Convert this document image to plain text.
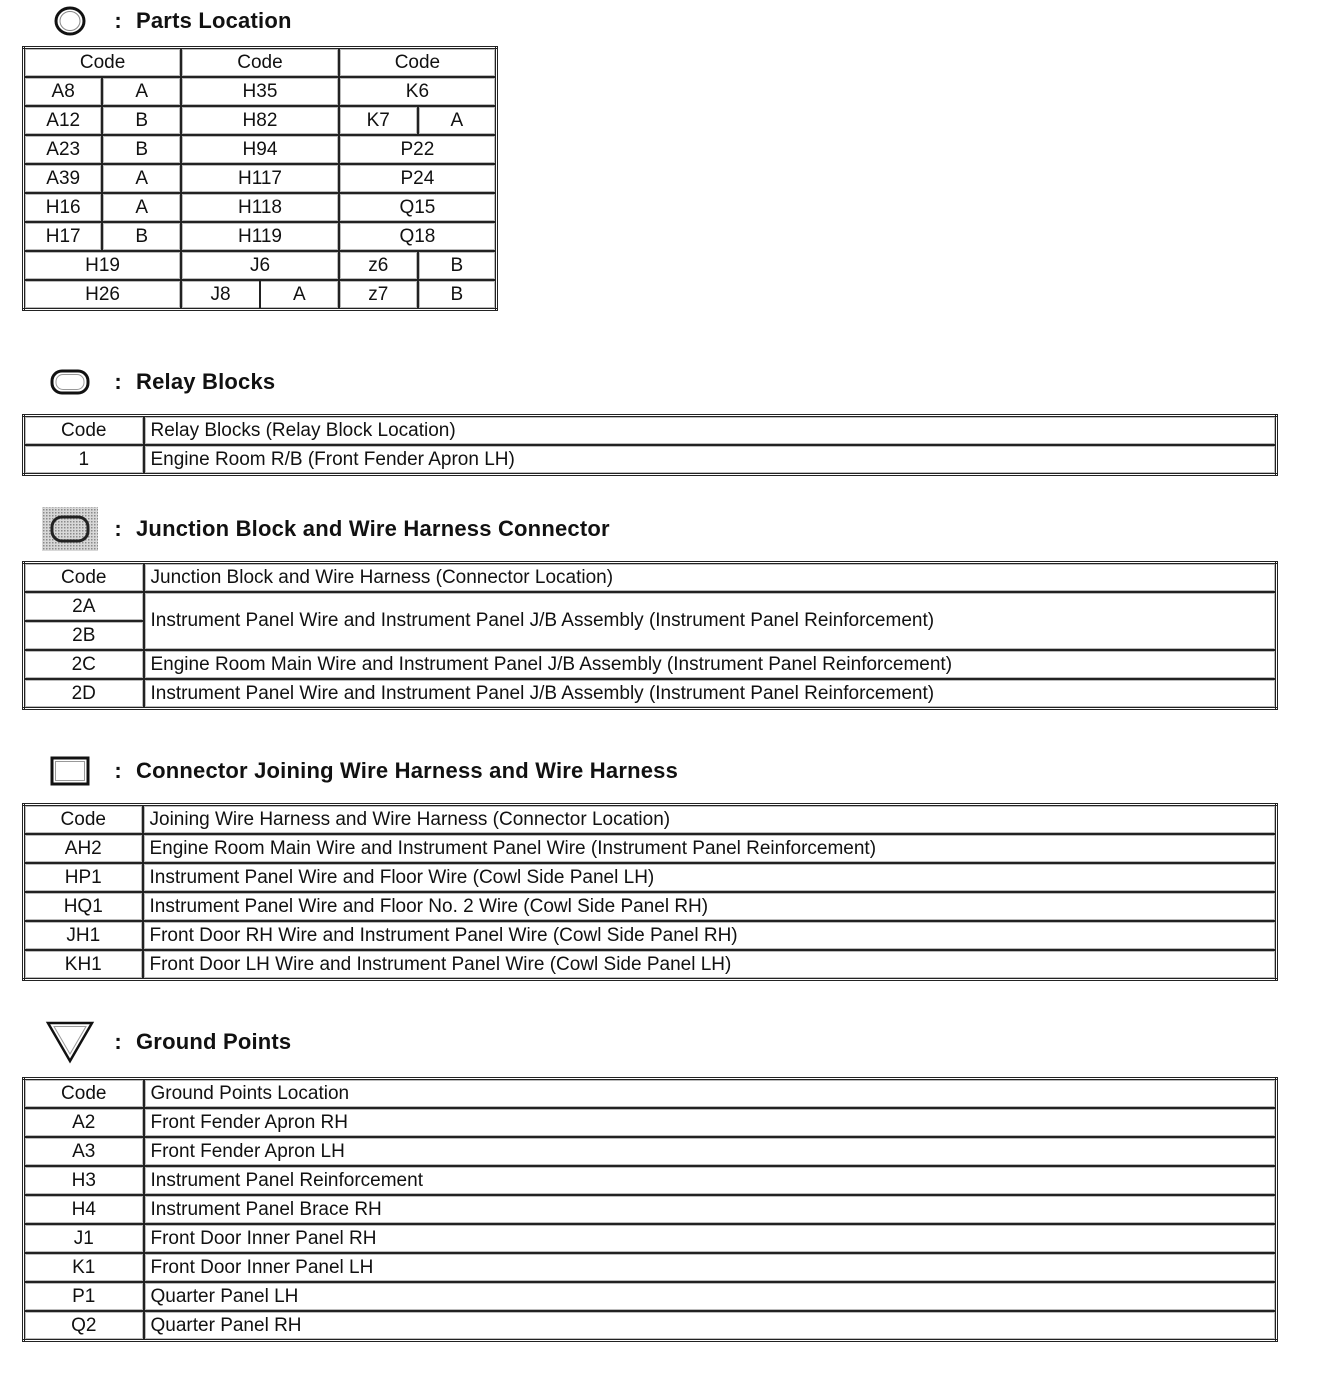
: Parts Location
Code		Code	Code	
A8	A	H35	K6	
A12	B	H82	K7	A
A23	B	H94	P22	
A39	A	H117	P24	
H16	A	H118	Q15	
H17	B	H119	Q18	
H19		J6	z6	B
H26		J8 A	z7	B
: Relay Blocks
Code	Relay Blocks (Relay Block Location)
1	Engine Room R/B (Front Fender Apron LH)
: Junction Block and Wire Harness Connector
Code	Junction Block and Wire Harness (Connector Location)
2A	Instrument Panel Wire and Instrument Panel J/B Assembly (Instrument Panel Reinforcement)
2B	
2C	Engine Room Main Wire and Instrument Panel J/B Assembly (Instrument Panel Reinforcement)
2D	Instrument Panel Wire and Instrument Panel J/B Assembly (Instrument Panel Reinforcement)
: Connector Joining Wire Harness and Wire Harness
Code	Joining Wire Harness and Wire Harness (Connector Location)
AH2	Engine Room Main Wire and Instrument Panel Wire (Instrument Panel Reinforcement)
HP1	Instrument Panel Wire and Floor Wire (Cowl Side Panel LH)
HQ1	Instrument Panel Wire and Floor No. 2 Wire (Cowl Side Panel RH)
JH1	Front Door RH Wire and Instrument Panel Wire (Cowl Side Panel RH)
KH1	Front Door LH Wire and Instrument Panel Wire (Cowl Side Panel LH)
: Ground Points
Code	Ground Points Location
A2	Front Fender Apron RH
A3	Front Fender Apron LH
H3	Instrument Panel Reinforcement
H4	Instrument Panel Brace RH
J1	Front Door Inner Panel RH
K1	Front Door Inner Panel LH
P1	Quarter Panel LH
Q2	Quarter Panel RH
